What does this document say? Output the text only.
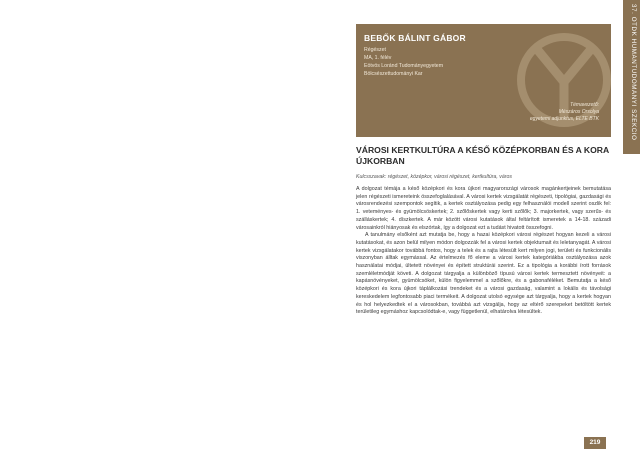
BEBŐK BÁLINT GÁBOR
Régészet
MA, 1. félév
Eötvös Loránd Tudományegyetem
Bölcsészettudományi Kar
Témavezető:
Mészáros Orsolya
egyetemi adjunktus, ELTE BTK	37. OTDK HUMÁNTUDOMÁNYI SZEKCIÓ
VÁROSI KERTKULTÚRA A KÉSŐ KÖZÉPKORBAN ÉS A KORA ÚJKORBAN
Kulcsszavak: régészet, középkor, városi régészet, kertkultúra, város

A dolgozat témája a késő középkori és kora újkori magyarországi városok magánkertjeinek bemutatása jelen régészeti ismereteink összefoglalásával. A városi kertek vizsgálatát régészeti, tipológiai, gazdasági és városrendezési szempontok segítik, a kertek osztályozása pedig egy felhasználói modell szerint oszlik fel: 1. veteményes- és gyümölcsöskertek; 2. szőlőskertek vagy kerti szőlők; 3. majorkertek, vagy szerűs- és szálláskertek; 4. díszkertek. A már között városi kutatások által feltárított ismeretek a 14-18. századi városainkról hiányosak és elszórtak, így a dolgozat ezt a tudást hivatott összefogni.

A tanulmány elsőként azt mutatja be, hogy a hazai középkori városi régészet hogyan kezeli a városi kutatásokat, és azon belül milyen módon dolgozzák fel a városi kertek objektumait és leletanyagát. A városi kertek vizsgálatakor továbbá fontos, hogy a telek és a rajta létesült kert milyen jogi, területi és funkcionális viszonyban álltak egymással. Az értelmezés fő eleme a városi kertek kategóriákba osztályozása azok használatai módjai, ültetett növényei és épített struktúrái szerint. Ez a tipológia a korábbi írott források szemléletmódját követi. A dolgozat tárgyalja a különböző típusú városi kertek termesztett növényeit: a kapásnövényeket, gyümölcsöket, külön figyelemmel a szőlőkre, és a gabonaféléket. Bemutatja a késő középkori és kora újkori táplálkozási trendeket és a városi gazdaság, valamint a lokális és távolsági kereskedelem legfontosabb piaci termékeit. A dolgozat utolsó egysége azt tárgyalja, hogy a kertek hogyan és hol helyezkedtek el a városokban, továbbá azt vizsgálja, hogy az eltérő szerepeket betöltött kertek területileg egymáshoz kapcsolódtak-e, vagy függetlenül, elhatárolva létesültek.

219
